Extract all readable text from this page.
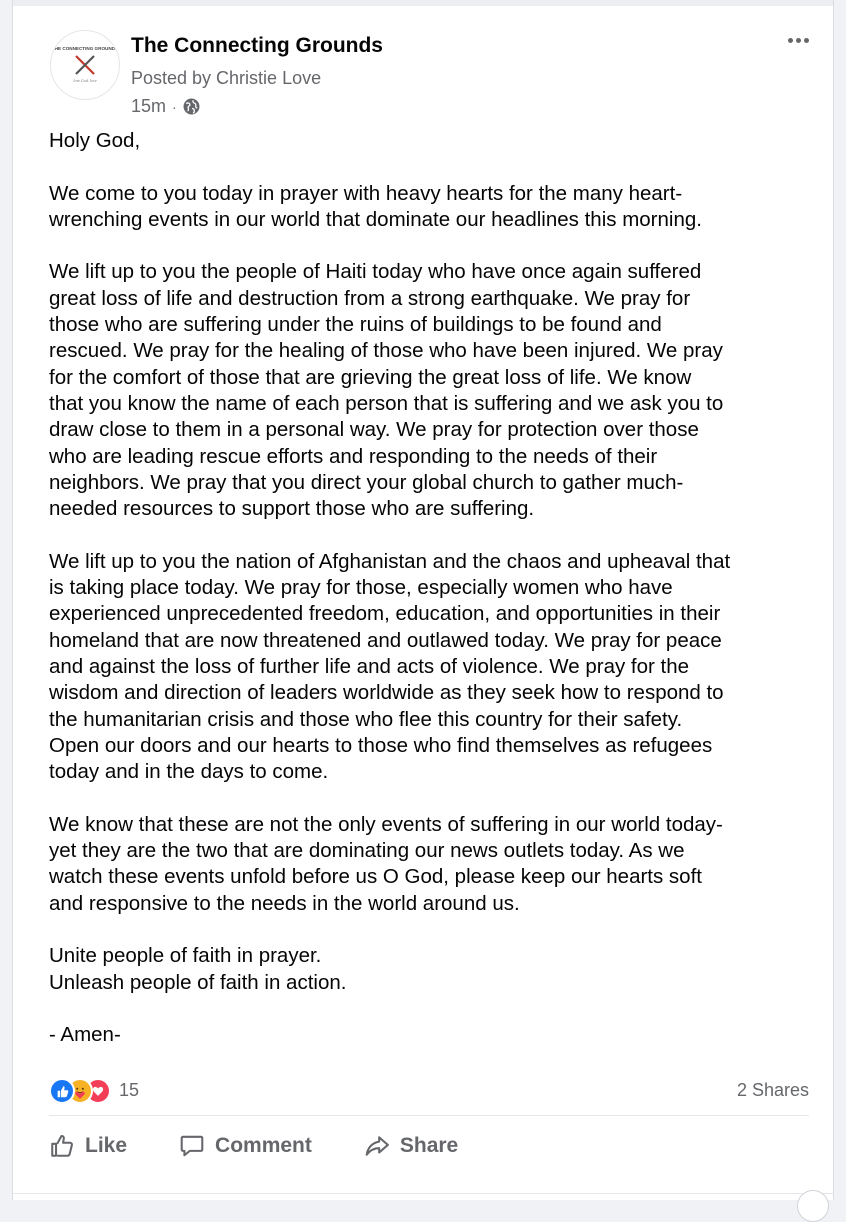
THE CONNECTING GROUNDS
love God. love
The Connecting Grounds
Posted by Christie Love
15m ·

Holy God,

We come to you today in prayer with heavy hearts for the many heart-
wrenching events in our world that dominate our headlines this morning.

We lift up to you the people of Haiti today who have once again suffered
great loss of life and destruction from a strong earthquake. We pray for
those who are suffering under the ruins of buildings to be found and
rescued. We pray for the healing of those who have been injured. We pray
for the comfort of those that are grieving the great loss of life. We know
that you know the name of each person that is suffering and we ask you to
draw close to them in a personal way. We pray for protection over those
who are leading rescue efforts and responding to the needs of their
neighbors. We pray that you direct your global church to gather much-
needed resources to support those who are suffering.

We lift up to you the nation of Afghanistan and the chaos and upheaval that
is taking place today. We pray for those, especially women who have
experienced unprecedented freedom, education, and opportunities in their
homeland that are now threatened and outlawed today. We pray for peace
and against the loss of further life and acts of violence. We pray for the
wisdom and direction of leaders worldwide as they seek how to respond to
the humanitarian crisis and those who flee this country for their safety.
Open our doors and our hearts to those who find themselves as refugees
today and in the days to come.

We know that these are not the only events of suffering in our world today-
yet they are the two that are dominating our news outlets today. As we
watch these events unfold before us O God, please keep our hearts soft
and responsive to the needs in the world around us.

Unite people of faith in prayer.
Unleash people of faith in action.

- Amen-

15	2 Shares
Like	Comment	Share
